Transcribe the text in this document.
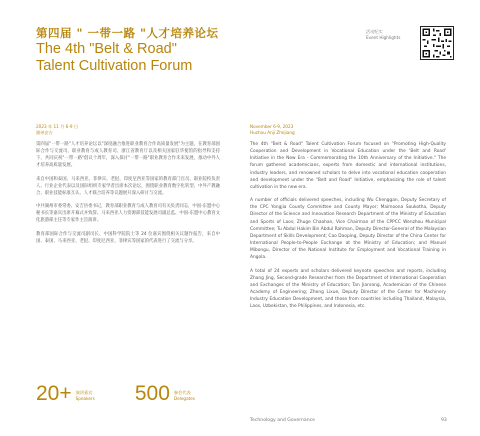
第四届 " 一带一路 "人才培养论坛
The 4th "Belt & Road"
Talent Cultivation Forum
活动纪实
Event Highlights
2023 年 11 月 6-9 日
湖州安吉
November 6-9, 2023
Huzhou Anji Zhejiang

第四届"一带一路"人才培养论坛以"深度融合推进职业教育合作高质量发展"为主题，在教育部国际合作与交流司、职业教育与成人教育司、浙江省教育厅以及相关国家驻华使馆的指导和支持下，共同庆祝"一带一路"倡议十周年，深入探讨"一带一路"职业教育合作未来发展，推动中外人才培养高质量发展。

来自中国和泰国、马来西亚、菲律宾、老挝、印度尼西亚等国家的教育部门官员、职业院校负责人、行业企业代表以及国际组织专家学者出席本次论坛，围绕职业教育数字化转型、中外产教融合、职业技能标准互认、人才联合培养等议题展开深入研讨与交流。

中共湖州市委常委、安吉县委书记，教育部职业教育与成人教育司有关负责同志，中国-东盟中心秘书长等嘉宾出席开幕式并致辞。马来西亚人力资源部技能发展司副总监、中国-东盟中心教育文化旅游部主任等专家作主旨演讲。

教育部国际合作与交流司副司长、中国科学院院士等 24 位嘉宾围绕相关议题作报告，来自中国、泰国、马来西亚、老挝、印度尼西亚、菲律宾等国家的代表进行了交流与分享。

The 4th "Belt & Road" Talent Cultivation Forum focused on "Promoting High-Quality Cooperation and Development in Vocational Education under the 'Belt and Road' Initiative in the New Era - Commemorating the 10th Anniversary of the Initiative." The forum gathered academicians, experts from domestic and international institutions, industry leaders, and renowned scholars to delve into vocational education cooperation and development under the "Belt and Road" Initiative, emphasizing the role of talent cultivation in the new era.

A number of officials delivered speeches, including Wu Chenggan, Deputy Secretary of the CPC Yongjia County Committee and County Mayor; Maimoona Soukotha, Deputy Director of the Science and Innovation Research Department of the Ministry of Education and Sports of Laos; Zhuge Chaohan, Vice Chairman of the CPPCC Wenzhou Municipal Committee; Tu Abdul Hakim Bin Abdul Rahman, Deputy Director-General of the Malaysian Department of Skills Development; Cao Daoping, Deputy Director of the China Center for International People-to-People Exchange at the Ministry of Education; and Manuel Mibongu, Director of the National Institute for Employment and Vocational Training in Angola.

A total of 24 experts and scholars delivered keynote speeches and reports, including Zhang Jing, Second-grade Researcher from the Department of International Cooperation and Exchanges of the Ministry of Education; Tan Jianrong, Academician of the Chinese Academy of Engineering; Zheng Lixue, Deputy Director of the Center for Machinery Industry Education Development, and those from countries including Thailand, Malaysia, Laos, Uzbekistan, the Philippines, and Indonesia, etc.

20+ 演讲嘉宾
Speakers 500 参会代表
Delegates
Technology and Governance	93
